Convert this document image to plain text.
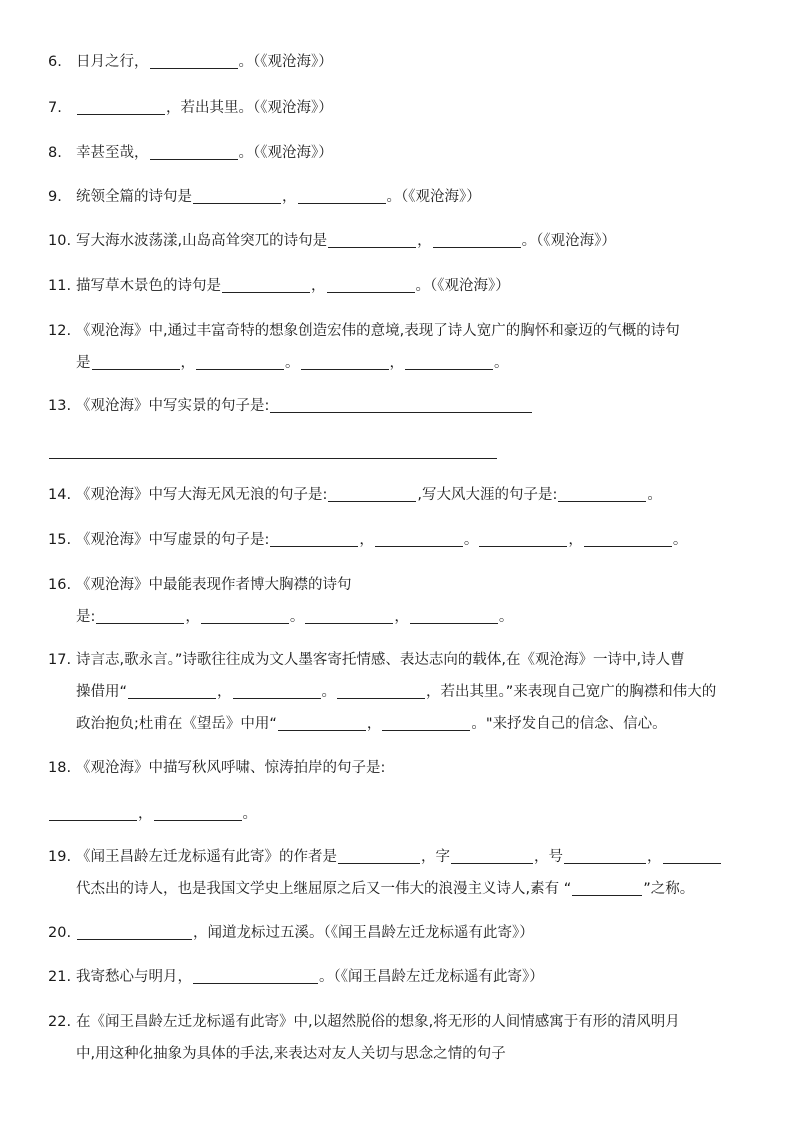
6. 日月之行，	。（《观沧海》）
7.	，若出其里。（《观沧海》）
8. 幸甚至哉，	。（《观沧海》）
9. 统领全篇的诗句是	，	。（《观沧海》）
10. 写大海水波荡漾,山岛高耸突兀的诗句是	，	。（《观沧海》）
11. 描写草木景色的诗句是	，	。（《观沧海》）
12. 《观沧海》中,通过丰富奇特的想象创造宏伟的意境,表现了诗人宽广的胸怀和豪迈的气概的诗句
是	，	。	，	。
13. 《观沧海》中写实景的句子是:
14. 《观沧海》中写大海无风无浪的句子是:	,写大风大涯的句子是:	。
15. 《观沧海》中写虚景的句子是:	，	。	，	。
16. 《观沧海》中最能表现作者博大胸襟的诗句
是:	，	。	，	。
17. 诗言志,歌永言。”诗歌往往成为文人墨客寄托情感、表达志向的载体,在《观沧海》一诗中,诗人曹
操借用“	，	。	，若出其里。”来表现自己宽广的胸襟和伟大的
政治抱负;杜甫在《望岳》中用“	，	。"来抒发自己的信念、信心。
18. 《观沧海》中描写秋风呼啸、惊涛拍岸的句子是:
，	。
19. 《闻王昌龄左迁龙标遥有此寄》的作者是	，字	，号	，
代杰出的诗人，也是我国文学史上继屈原之后又一伟大的浪漫主义诗人,素有 “	”之称。
20.	，闻道龙标过五溪。（《闻王昌龄左迁龙标遥有此寄》）
21. 我寄愁心与明月，	。（《闻王昌龄左迁龙标遥有此寄》）
22. 在《闻王昌龄左迁龙标遥有此寄》中,以超然脱俗的想象,将无形的人间情感寓于有形的清风明月
中,用这种化抽象为具体的手法,来表达对友人关切与思念之情的句子
